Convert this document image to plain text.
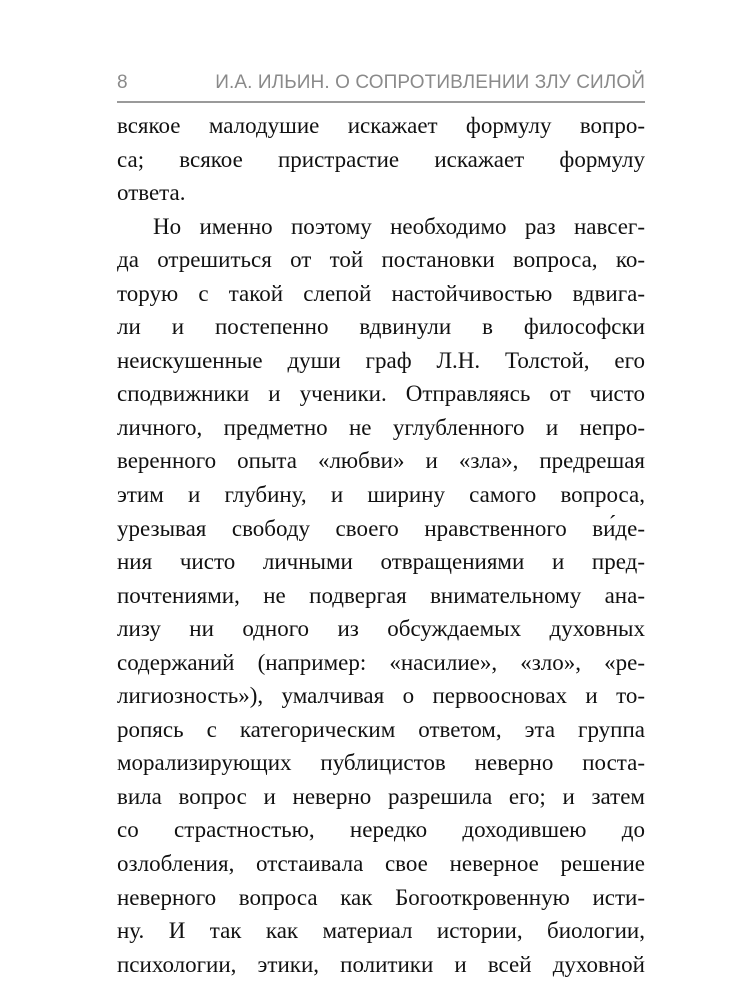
8	И.А. ИЛЬИН. О СОПРОТИВЛЕНИИ ЗЛУ СИЛОЙ
всякое малодушие искажает формулу вопро-
са; всякое пристрастие искажает формулу
ответа.
Но именно поэтому необходимо раз навсег-
да отрешиться от той постановки вопроса, ко-
торую с такой слепой настойчивостью вдвига-
ли и постепенно вдвинули в философски
неискушенные души граф Л.Н. Толстой, его
сподвижники и ученики. Отправляясь от чисто
личного, предметно не углубленного и непро-
веренного опыта «любви» и «зла», предрешая
этим и глубину, и ширину самого вопроса,
урезывая свободу своего нравственного ви́де-
ния чисто личными отвращениями и пред-
почтениями, не подвергая внимательному ана-
лизу ни одного из обсуждаемых духовных
содержаний (например: «насилие», «зло», «ре-
лигиозность»), умалчивая о первоосновах и то-
ропясь с категорическим ответом, эта группа
морализирующих публицистов неверно поста-
вила вопрос и неверно разрешила его; и затем
со страстностью, нередко доходившею до
озлобления, отстаивала свое неверное решение
неверного вопроса как Богооткровенную исти-
ну. И так как материал истории, биологии,
психологии, этики, политики и всей духовной
